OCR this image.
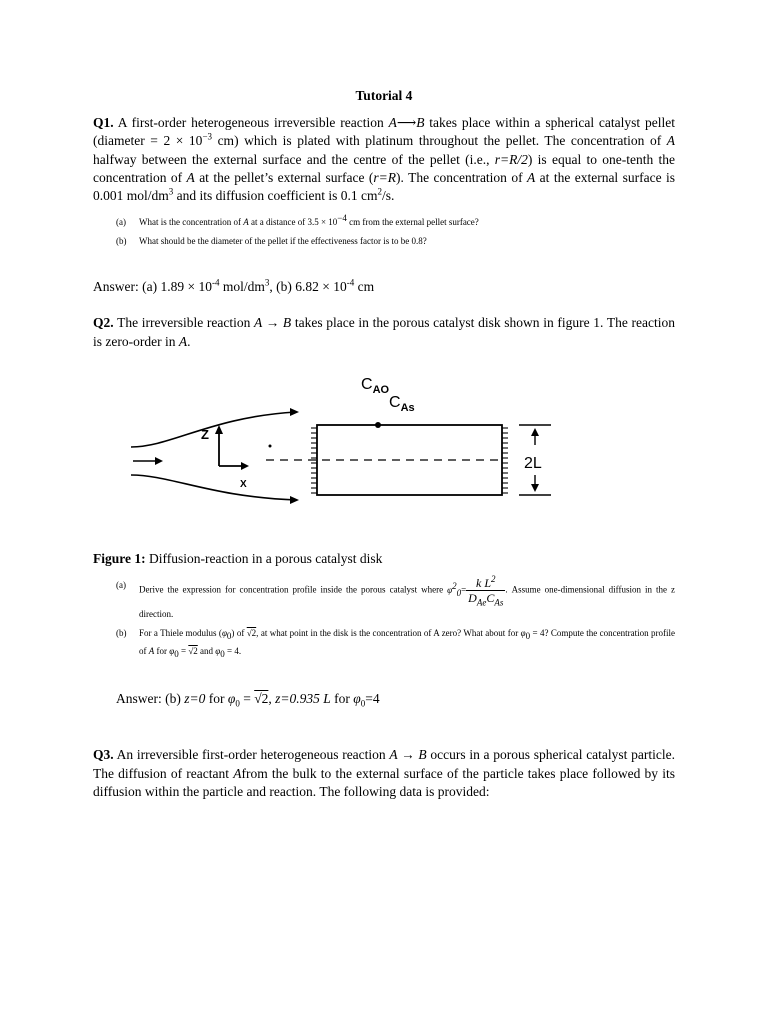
Tutorial 4

Q1. A first-order heterogeneous irreversible reaction A⟶B takes place within a spherical catalyst pellet (diameter = $2 \times 10^{-3}$ cm) which is plated with platinum throughout the pellet. The concentration of A halfway between the external surface and the centre of the pellet (i.e., r=R/2) is equal to one-tenth the concentration of A at the pellet’s external surface (r=R). The concentration of A at the external surface is 0.001 mol/$dm^3$ and its diffusion coefficient is 0.1 $cm^2/s$.

(a) What is the concentration of A at a distance of 3.5 × 10−4 cm from the external pellet surface?
(b) What should be the diameter of the pellet if the effectiveness factor is to be 0.8?

Answer: (a) $1.89 \times 10^{-4}$ mol/$dm^3$, (b) $6.82 \times 10^{-4}$ cm

Q2. The irreversible reaction A → B takes place in the porous catalyst disk shown in figure 1. The reaction is zero-order in A.

Z
X
$C_{AO}$
$C_{As}$
2L

Figure 1: Diffusion-reaction in a porous catalyst disk

(a) Derive the expression for concentration profile inside the porous catalyst where $\varphi 20= \frac{k L^2}{D_{Ae}C_{As}}$ . Assume one-dimensional diffusion in the z direction.
(b) For a Thiele modulus (φ0) of √2, at what point in the disk is the concentration of A zero? What about for φ0 = 4? Compute the concentration profile of A for φ0 = √2 and φ0 = 4.

Answer: (b) z=0 for $\varphi_0 = √2$, z=0.935 L for $\varphi_0=4$

Q3. An irreversible first-order heterogeneous reaction A → B occurs in a porous spherical catalyst particle. The diffusion of reactant Afrom the bulk to the external surface of the particle takes place followed by its diffusion within the particle and reaction. The following data is provided:
